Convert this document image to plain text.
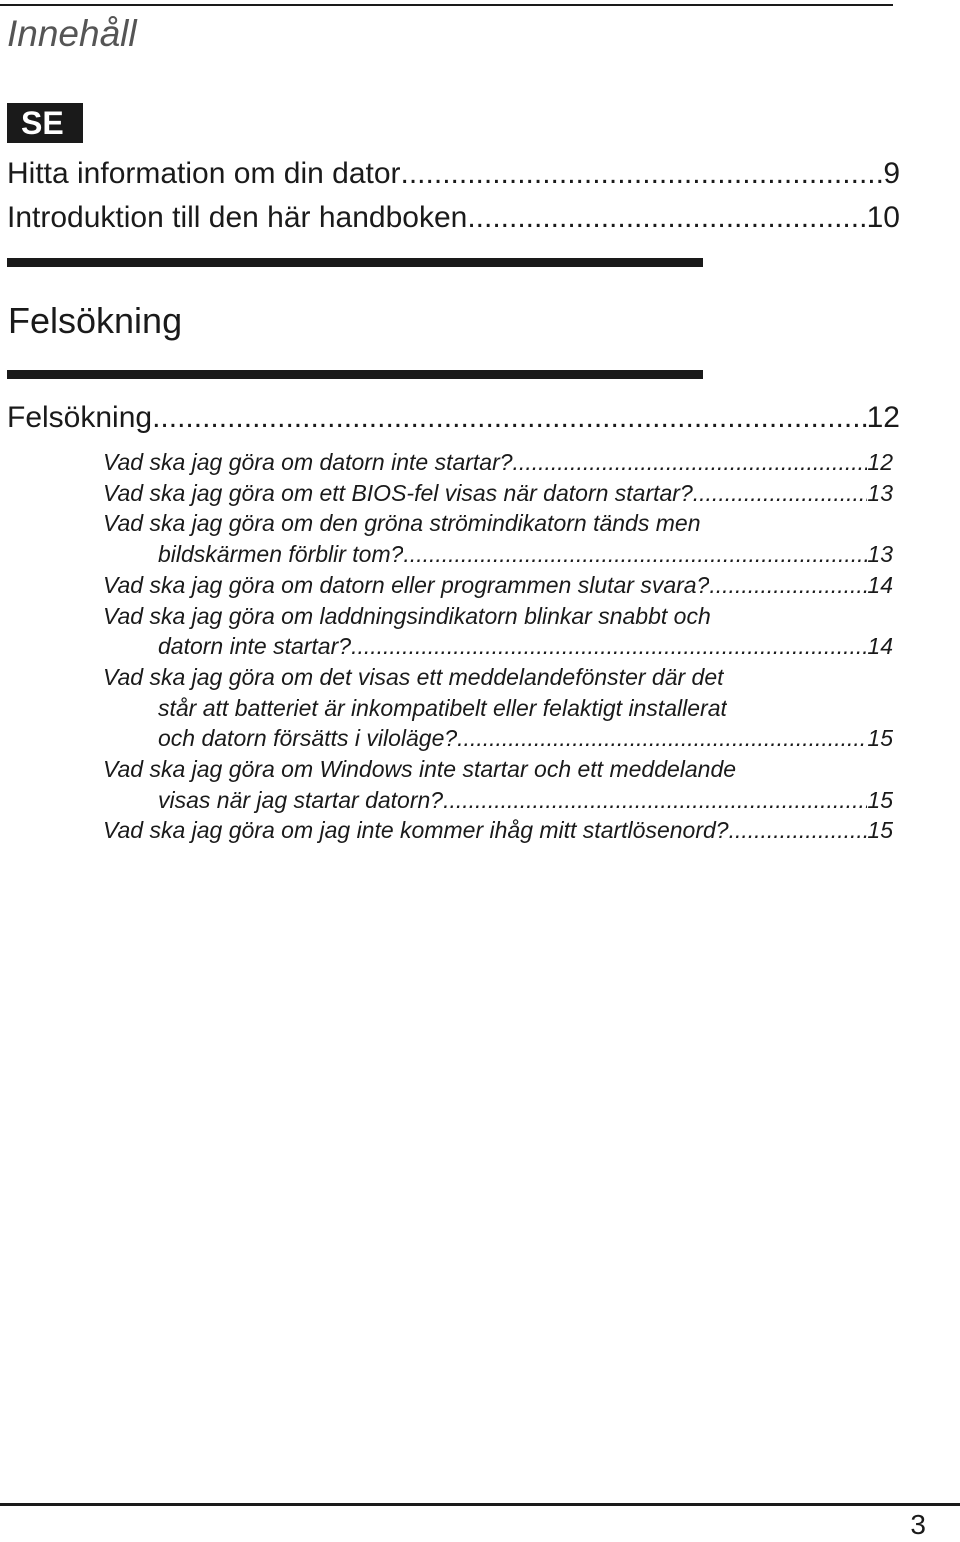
Innehåll
SE
Hitta information om din dator .....	9
Introduktion till den här handboken .....	10
Felsökning
Felsökning .....	12
Vad ska jag göra om datorn inte startar? .....	12
Vad ska jag göra om ett BIOS-fel visas när datorn startar? .....	13
Vad ska jag göra om den gröna strömindikatorn tänds men
bildskärmen förblir tom? .....	13
Vad ska jag göra om datorn eller programmen slutar svara? .....	14
Vad ska jag göra om laddningsindikatorn blinkar snabbt och
datorn inte startar? .....	14
Vad ska jag göra om det visas ett meddelandefönster där det
står att batteriet är inkompatibelt eller felaktigt installerat
och datorn försätts i viloläge? .....	15
Vad ska jag göra om Windows inte startar och ett meddelande
visas när jag startar datorn? .....	15
Vad ska jag göra om jag inte kommer ihåg mitt startlösenord? .....	15
3
